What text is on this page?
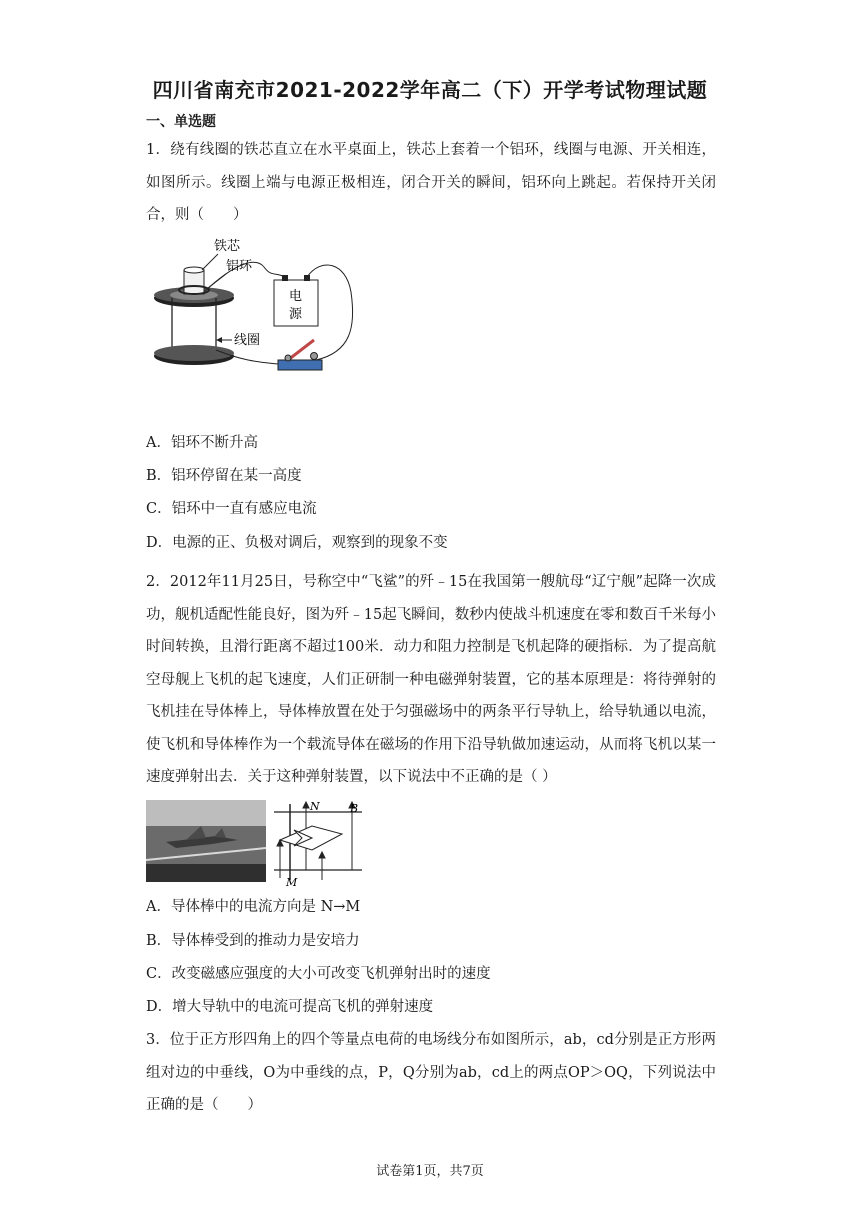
四川省南充市2021-2022学年高二（下）开学考试物理试题
一、单选题
1．绕有线圈的铁芯直立在水平桌面上，铁芯上套着一个铝环，线圈与电源、开关相连，如图所示。线圈上端与电源正极相连，闭合开关的瞬间，铝环向上跳起。若保持开关闭合，则（　　）
铁芯
铝环
线圈
电
源
A．铝环不断升高
B．铝环停留在某一高度
C．铝环中一直有感应电流
D．电源的正、负极对调后，观察到的现象不变
2．2012年11月25日，号称空中“飞鲨”的歼﹣15在我国第一艘航母“辽宁舰”起降一次成功，舰机适配性能良好，图为歼﹣15起飞瞬间，数秒内使战斗机速度在零和数百千米每小时间转换，且滑行距离不超过100米．动力和阻力控制是飞机起降的硬指标．为了提高航空母舰上飞机的起飞速度，人们正研制一种电磁弹射装置，它的基本原理是：将待弹射的飞机挂在导体棒上，导体棒放置在处于匀强磁场中的两条平行导轨上，给导轨通以电流，使飞机和导体棒作为一个载流导体在磁场的作用下沿导轨做加速运动，从而将飞机以某一速度弹射出去．关于这种弹射装置，以下说法中不正确的是（ ）
N	B
M
A．导体棒中的电流方向是 N→M
B．导体棒受到的推动力是安培力
C．改变磁感应强度的大小可改变飞机弹射出时的速度
D．增大导轨中的电流可提高飞机的弹射速度
3．位于正方形四角上的四个等量点电荷的电场线分布如图所示，ab，cd分别是正方形两组对边的中垂线，O为中垂线的点，P，Q分别为ab，cd上的两点OP＞OQ，下列说法中正确的是（　　）
试卷第1页，共7页
